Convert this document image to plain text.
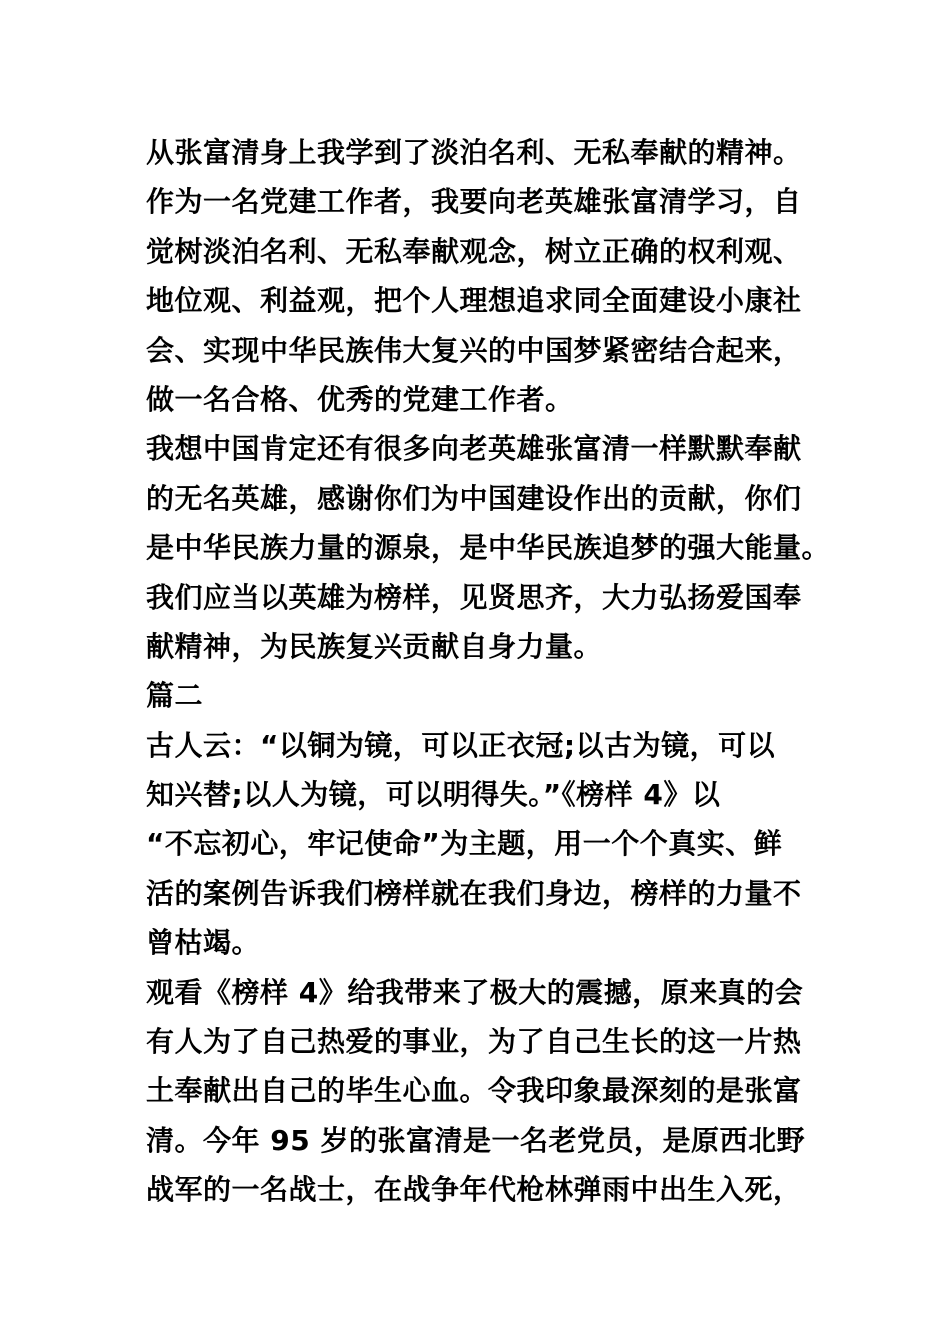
从张富清身上我学到了淡泊名利、无私奉献的精神。
作为一名党建工作者，我要向老英雄张富清学习，自
觉树淡泊名利、无私奉献观念，树立正确的权利观、
地位观、利益观，把个人理想追求同全面建设小康社
会、实现中华民族伟大复兴的中国梦紧密结合起来，
做一名合格、优秀的党建工作者。
我想中国肯定还有很多向老英雄张富清一样默默奉献
的无名英雄，感谢你们为中国建设作出的贡献，你们
是中华民族力量的源泉，是中华民族追梦的强大能量。
我们应当以英雄为榜样，见贤思齐，大力弘扬爱国奉
献精神，为民族复兴贡献自身力量。
篇二
古人云：“以铜为镜，可以正衣冠;以古为镜，可以
知兴替;以人为镜，可以明得失。”《榜样 4》以
“不忘初心，牢记使命”为主题，用一个个真实、鲜
活的案例告诉我们榜样就在我们身边，榜样的力量不
曾枯竭。
观看《榜样 4》给我带来了极大的震撼，原来真的会
有人为了自己热爱的事业，为了自己生长的这一片热
土奉献出自己的毕生心血。令我印象最深刻的是张富
清。今年 95 岁的张富清是一名老党员，是原西北野
战军的一名战士，在战争年代枪林弹雨中出生入死，
